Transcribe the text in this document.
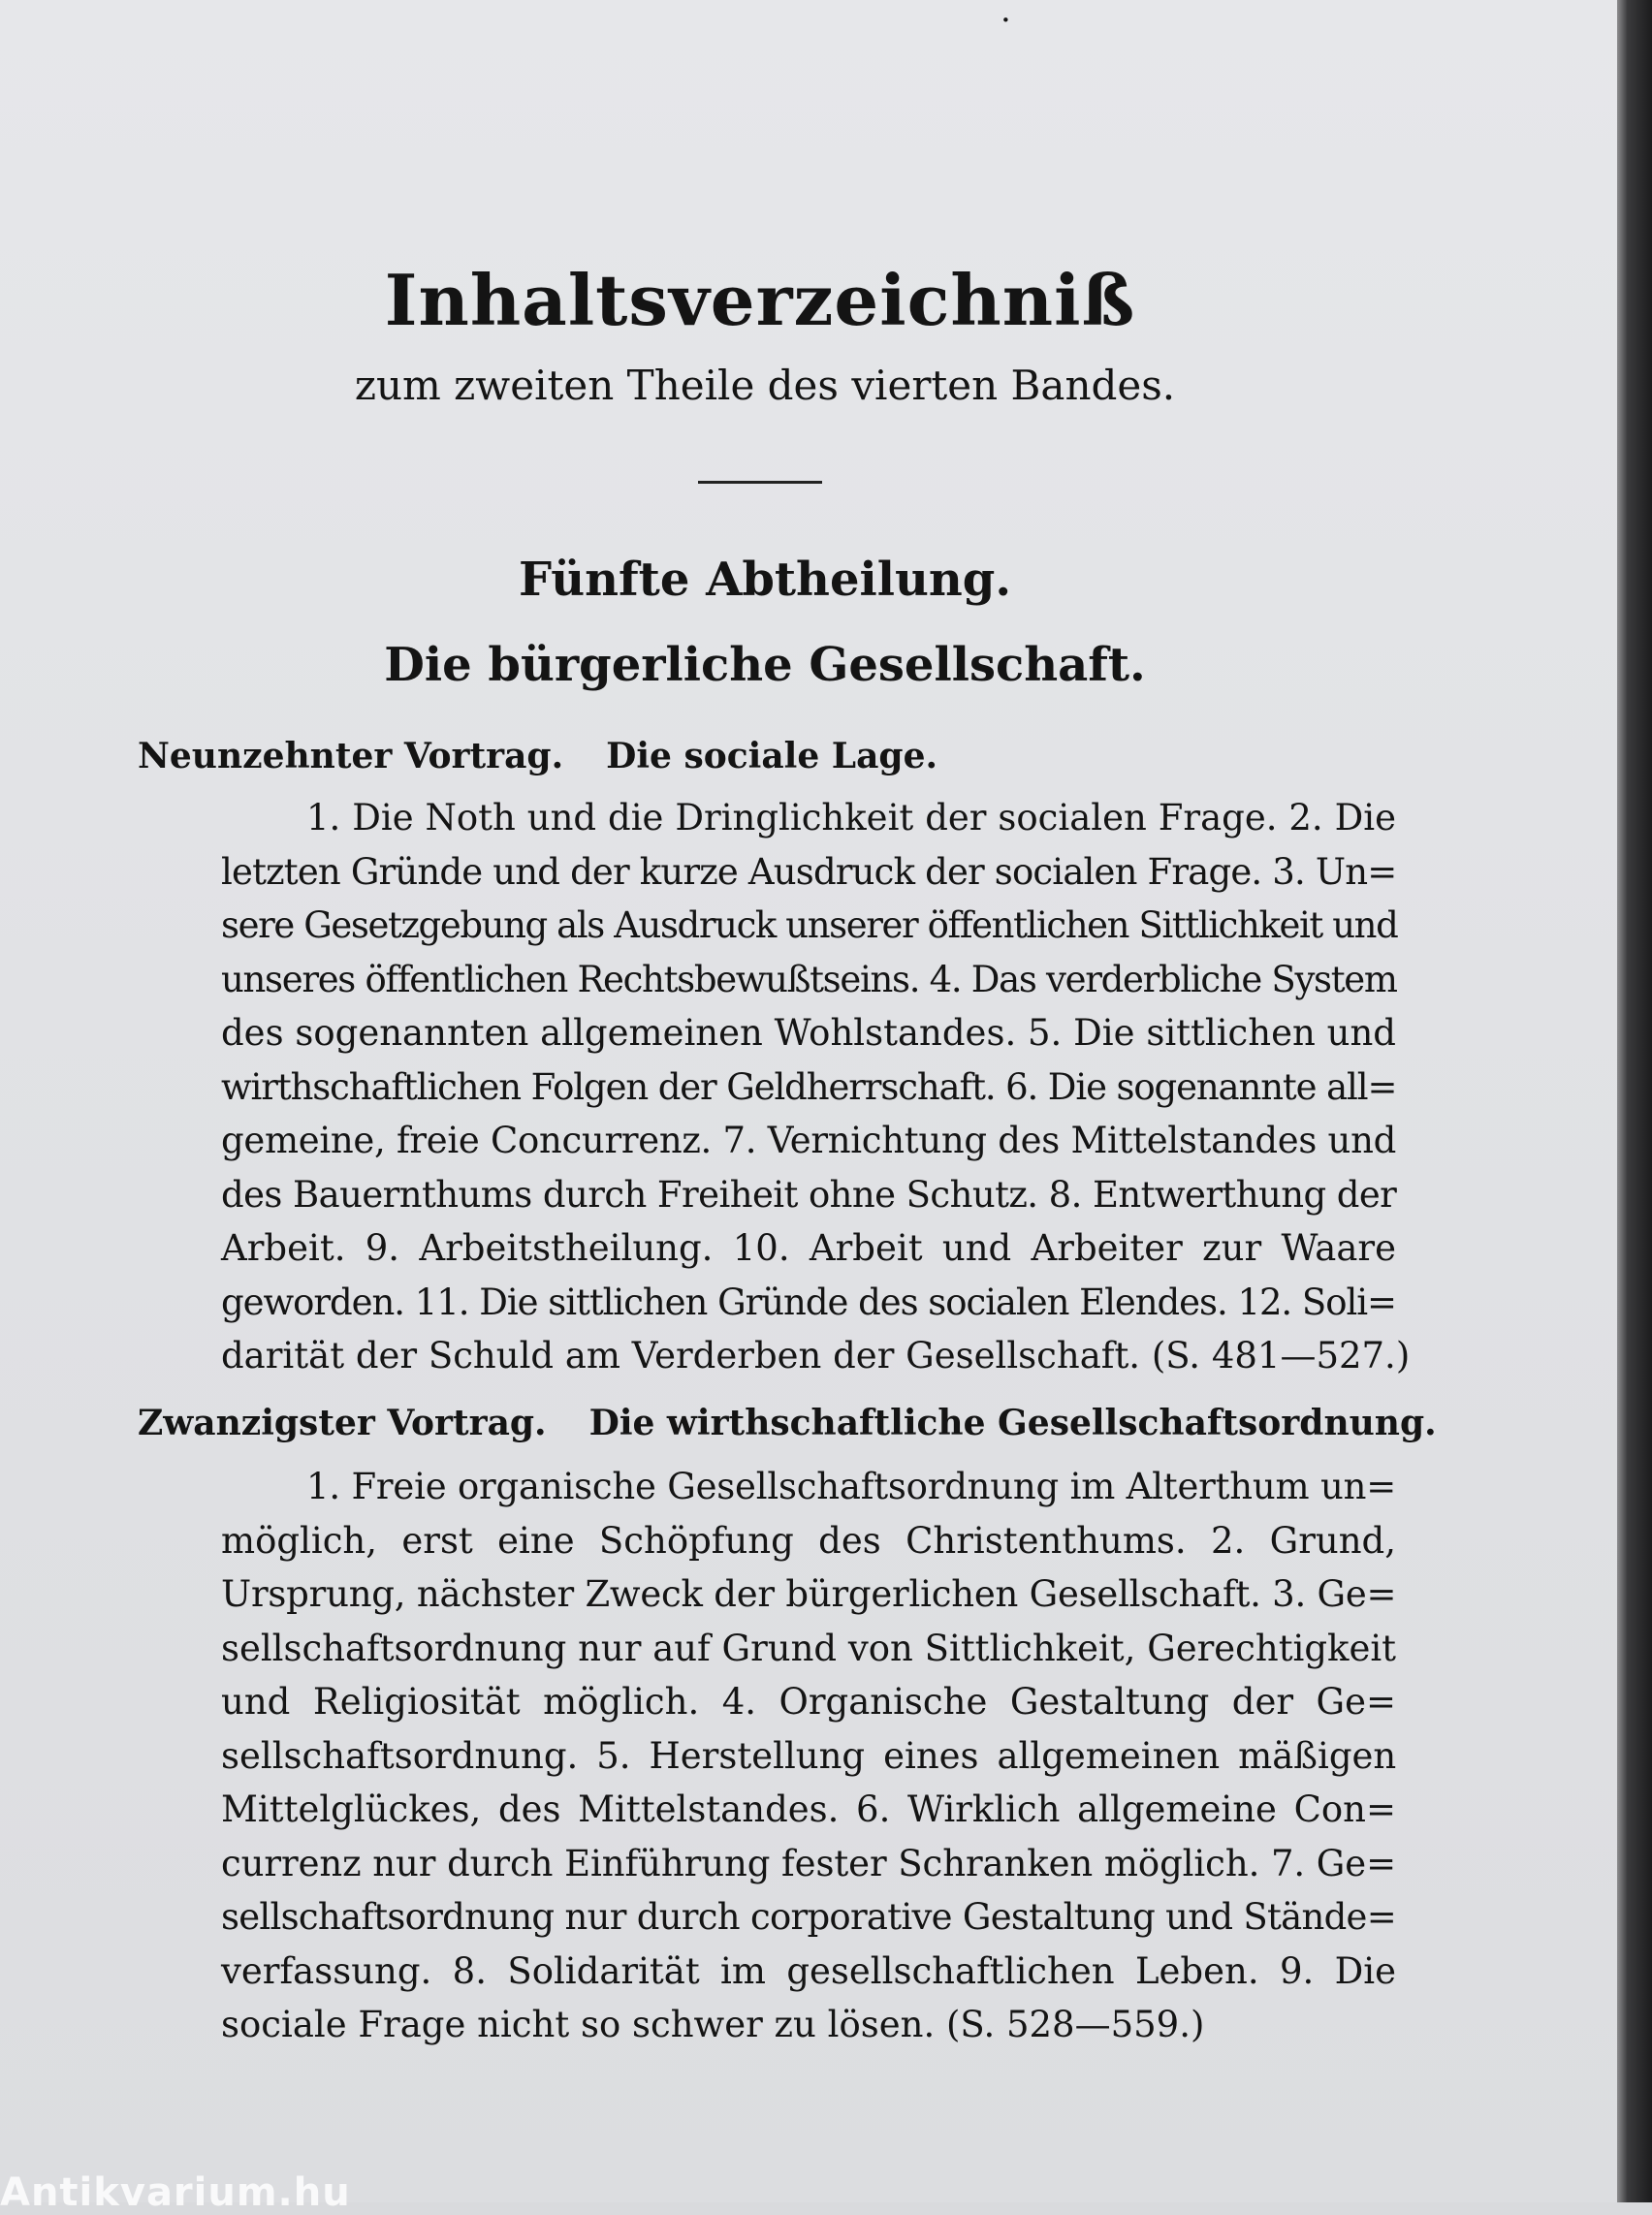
·
Inhaltsverzeichniß
zum zweiten Theile des vierten Bandes.
Fünfte Abtheilung.
Die bürgerliche Gesellschaft.
Neunzehnter Vortrag. Die sociale Lage.
1. Die Noth und die Dringlichkeit der socialen Frage. 2. Die
letzten Gründe und der kurze Ausdruck der socialen Frage. 3. Un=
sere Gesetzgebung als Ausdruck unserer öffentlichen Sittlichkeit und
unseres öffentlichen Rechtsbewußtseins. 4. Das verderbliche System
des sogenannten allgemeinen Wohlstandes. 5. Die sittlichen und
wirthschaftlichen Folgen der Geldherrschaft. 6. Die sogenannte all=
gemeine, freie Concurrenz. 7. Vernichtung des Mittelstandes und
des Bauernthums durch Freiheit ohne Schutz. 8. Entwerthung der
Arbeit. 9. Arbeitstheilung. 10. Arbeit und Arbeiter zur Waare
geworden. 11. Die sittlichen Gründe des socialen Elendes. 12. Soli=
darität der Schuld am Verderben der Gesellschaft. (S. 481—527.)
Zwanzigster Vortrag. Die wirthschaftliche Gesellschaftsordnung.
1. Freie organische Gesellschaftsordnung im Alterthum un=
möglich, erst eine Schöpfung des Christenthums. 2. Grund,
Ursprung, nächster Zweck der bürgerlichen Gesellschaft. 3. Ge=
sellschaftsordnung nur auf Grund von Sittlichkeit, Gerechtigkeit
und Religiosität möglich. 4. Organische Gestaltung der Ge=
sellschaftsordnung. 5. Herstellung eines allgemeinen mäßigen
Mittelglückes, des Mittelstandes. 6. Wirklich allgemeine Con=
currenz nur durch Einführung fester Schranken möglich. 7. Ge=
sellschaftsordnung nur durch corporative Gestaltung und Stände=
verfassung. 8. Solidarität im gesellschaftlichen Leben. 9. Die
sociale Frage nicht so schwer zu lösen. (S. 528—559.)
Antikvarium.hu
